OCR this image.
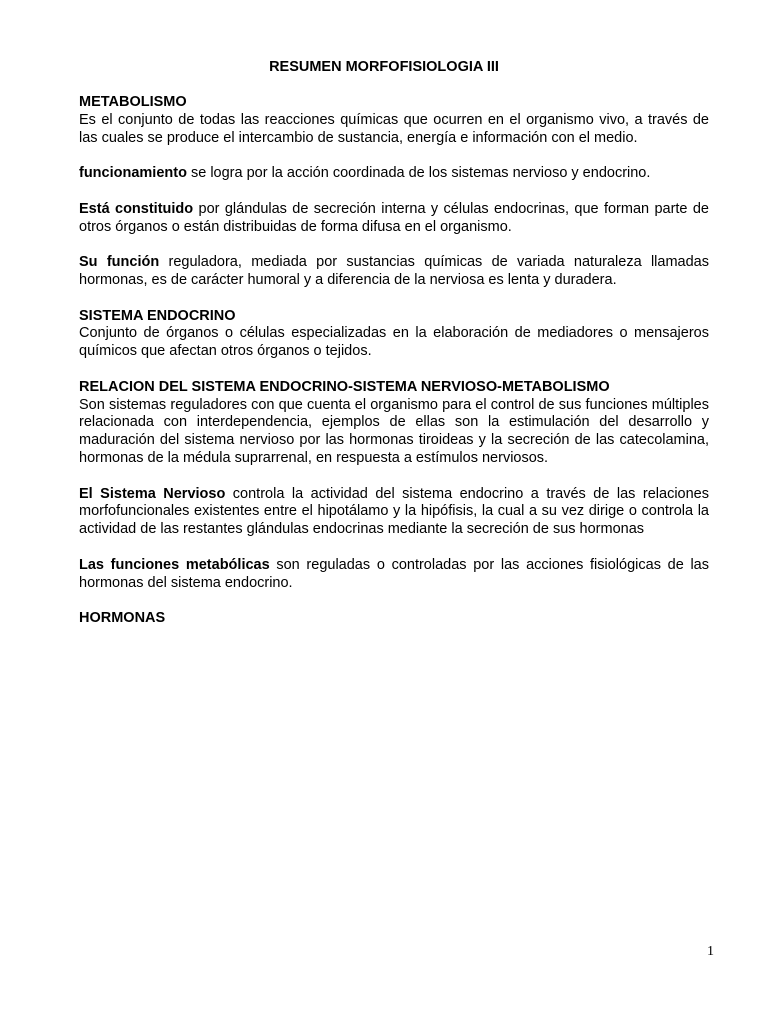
RESUMEN MORFOFISIOLOGIA III
METABOLISMO

Es el conjunto de todas las reacciones químicas que ocurren en el organismo vivo, a través de las cuales se produce el intercambio de sustancia, energía e información con el medio.

funcionamiento se logra por la acción coordinada de los sistemas nervioso y endocrino.

Está constituido por glándulas de secreción interna y células endocrinas, que forman parte de otros órganos o están distribuidas de forma difusa en el organismo.

Su función reguladora, mediada por sustancias químicas de variada naturaleza llamadas hormonas, es de carácter humoral y a diferencia de la nerviosa es lenta y duradera.

SISTEMA ENDOCRINO

Conjunto de órganos o células especializadas en la elaboración de mediadores o mensajeros químicos que afectan otros órganos o tejidos.

RELACION DEL SISTEMA ENDOCRINO-SISTEMA NERVIOSO-METABOLISMO

Son sistemas reguladores con que cuenta el organismo para el control de sus funciones múltiples relacionada con interdependencia, ejemplos de ellas son la estimulación del desarrollo y maduración del sistema nervioso por las hormonas tiroideas y la secreción de las catecolamina, hormonas de la médula suprarrenal, en respuesta a estímulos nerviosos.

El Sistema Nervioso controla la actividad del sistema endocrino a través de las relaciones morfofuncionales existentes entre el hipotálamo y la hipófisis, la cual a su vez dirige o controla la actividad de las restantes glándulas endocrinas mediante la secreción de sus hormonas

Las funciones metabólicas son reguladas o controladas por las acciones fisiológicas de las hormonas del sistema endocrino.

HORMONAS
1
